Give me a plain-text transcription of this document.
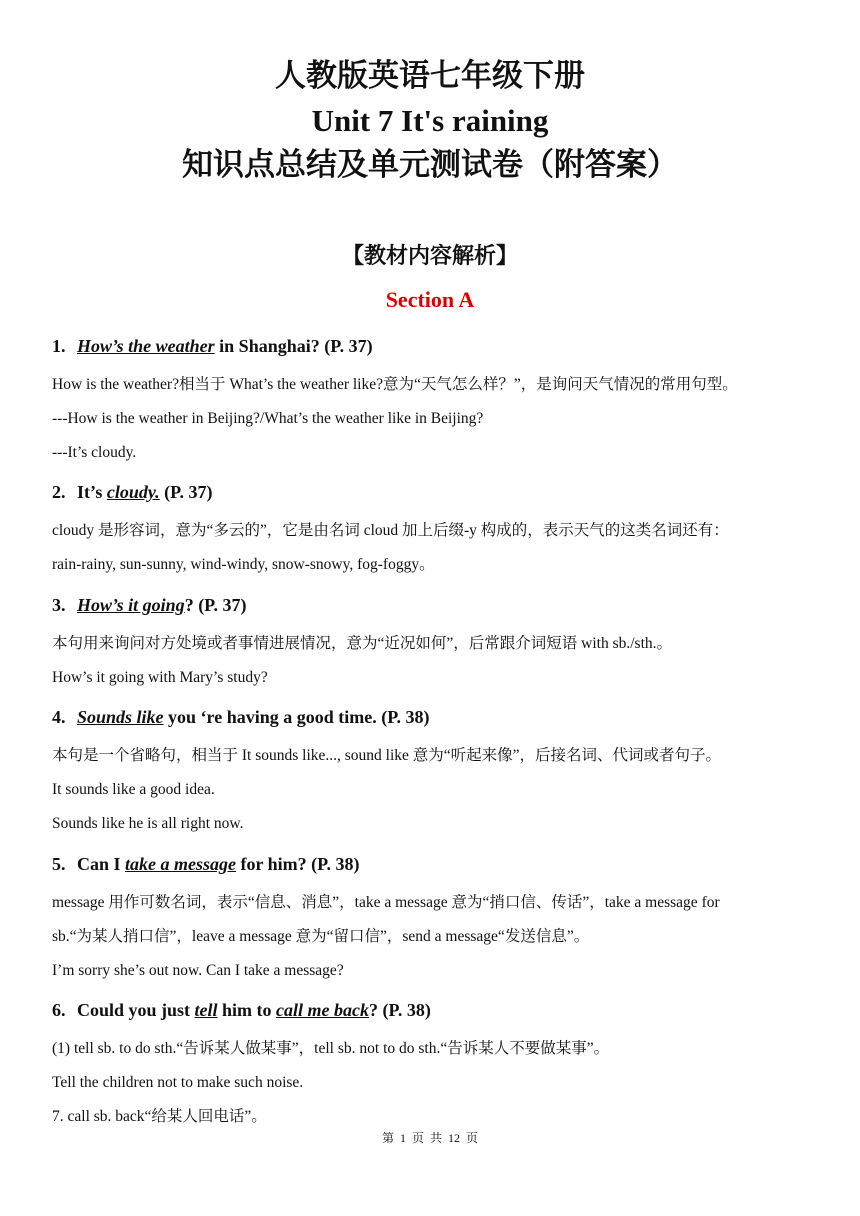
人教版英语七年级下册
Unit 7 It's raining
知识点总结及单元测试卷（附答案）
【教材内容解析】
Section A
1. How’s the weather in Shanghai? (P. 37)
How is the weather?相当于 What’s the weather like?意为“天气怎么样？”，是询问天气情况的常用句型。
---How is the weather in Beijing?/What’s the weather like in Beijing?
---It’s cloudy.
2. It’s cloudy. (P. 37)
cloudy 是形容词，意为“多云的”，它是由名词 cloud 加上后缀-y 构成的，表示天气的这类名词还有：
rain-rainy, sun-sunny, wind-windy, snow-snowy, fog-foggy。
3. How’s it going? (P. 37)
本句用来询问对方处境或者事情进展情况，意为“近况如何”，后常跟介词短语 with sb./sth.。
How’s it going with Mary’s study?
4. Sounds like you ‘re having a good time. (P. 38)
本句是一个省略句，相当于 It sounds like..., sound like 意为“听起来像”，后接名词、代词或者句子。
It sounds like a good idea.
Sounds like he is all right now.
5. Can I take a message for him? (P. 38)
message 用作可数名词，表示“信息、消息”，take a message 意为“捎口信、传话”，take a message for
sb.“为某人捎口信”，leave a message 意为“留口信”，send a message“发送信息”。
I’m sorry she’s out now. Can I take a message?
6. Could you just tell him to call me back? (P. 38)
(1) tell sb. to do sth.“告诉某人做某事”，tell sb. not to do sth.“告诉某人不要做某事”。
Tell the children not to make such noise.
7. call sb. back“给某人回电话”。
第 1 页 共 12 页
